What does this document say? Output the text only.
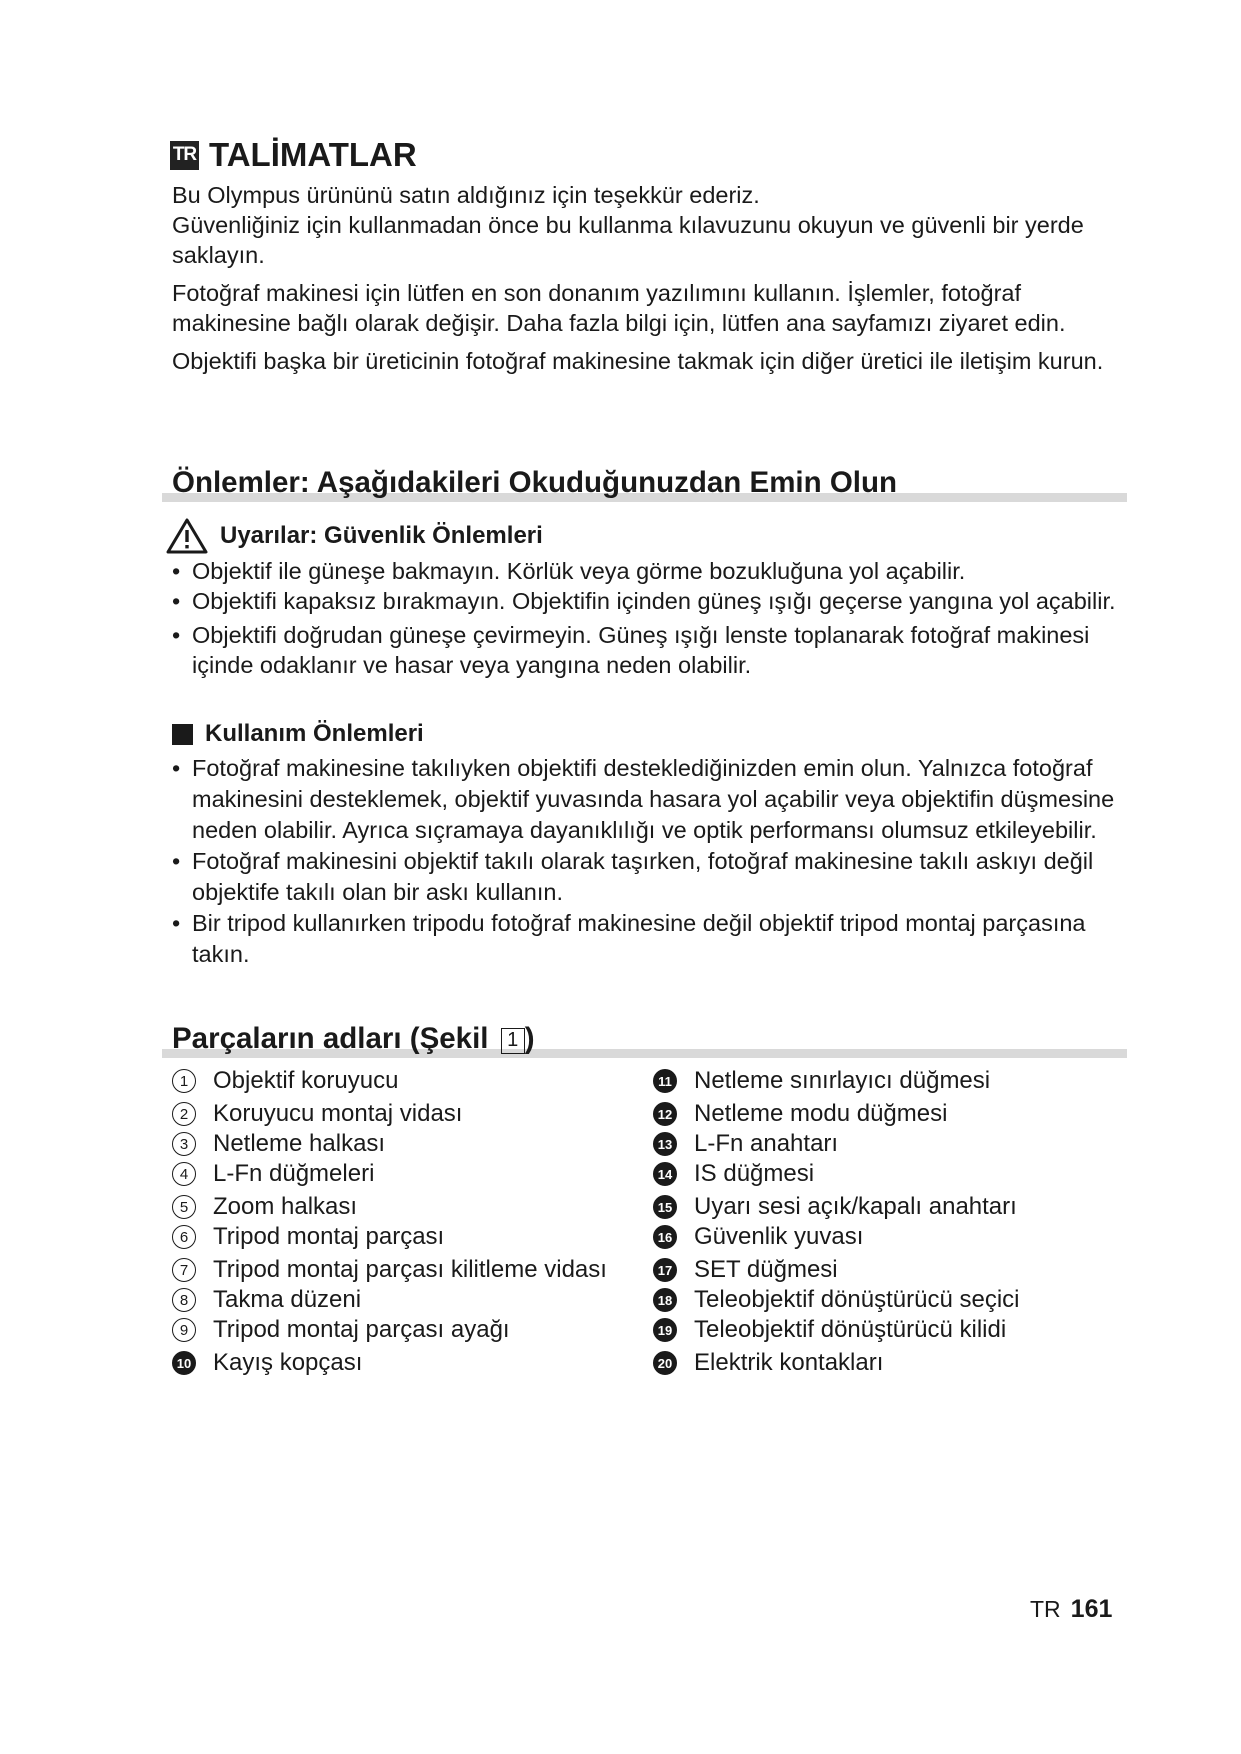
TR TALİMATLAR

Bu Olympus ürününü satın aldığınız için teşekkür ederiz.

Güvenliğiniz için kullanmadan önce bu kullanma kılavuzunu okuyun ve güvenli bir yerde saklayın.

Fotoğraf makinesi için lütfen en son donanım yazılımını kullanın. İşlemler, fotoğraf makinesine bağlı olarak değişir. Daha fazla bilgi için, lütfen ana sayfamızı ziyaret edin.

Objektifi başka bir üreticinin fotoğraf makinesine takmak için diğer üretici ile iletişim kurun.

Önlemler: Aşağıdakileri Okuduğunuzdan Emin Olun
Uyarılar: Güvenlik Önlemleri
• Objektif ile güneşe bakmayın. Körlük veya görme bozukluğuna yol açabilir.
• Objektifi kapaksız bırakmayın. Objektifin içinden güneş ışığı geçerse yangına yol açabilir.
• Objektifi doğrudan güneşe çevirmeyin. Güneş ışığı lenste toplanarak fotoğraf makinesi içinde odaklanır ve hasar veya yangına neden olabilir.
Kullanım Önlemleri
• Fotoğraf makinesine takılıyken objektifi desteklediğinizden emin olun. Yalnızca fotoğraf makinesini desteklemek, objektif yuvasında hasara yol açabilir veya objektifin düşmesine neden olabilir. Ayrıca sıçramaya dayanıklılığı ve optik performansı olumsuz etkileyebilir.
• Fotoğraf makinesini objektif takılı olarak taşırken, fotoğraf makinesine takılı askıyı değil objektife takılı olan bir askı kullanın.
• Bir tripod kullanırken tripodu fotoğraf makinesine değil objektif tripod montaj parçasına takın.
Parçaların adları (Şekil 1 )
1	Objektif koruyucu
2	Koruyucu montaj vidası
3	Netleme halkası
4	L-Fn düğmeleri
5	Zoom halkası
6	Tripod montaj parçası
7	Tripod montaj parçası kilitleme vidası
8	Takma düzeni
9	Tripod montaj parçası ayağı
10 Kayış kopçası
11 Netleme sınırlayıcı düğmesi
12 Netleme modu düğmesi
13 L-Fn anahtarı
14 IS düğmesi
15 Uyarı sesi açık/kapalı anahtarı
16 Güvenlik yuvası
17 SET düğmesi
18 Teleobjektif dönüştürücü seçici
19 Teleobjektif dönüştürücü kilidi
20 Elektrik kontakları
TR 161
